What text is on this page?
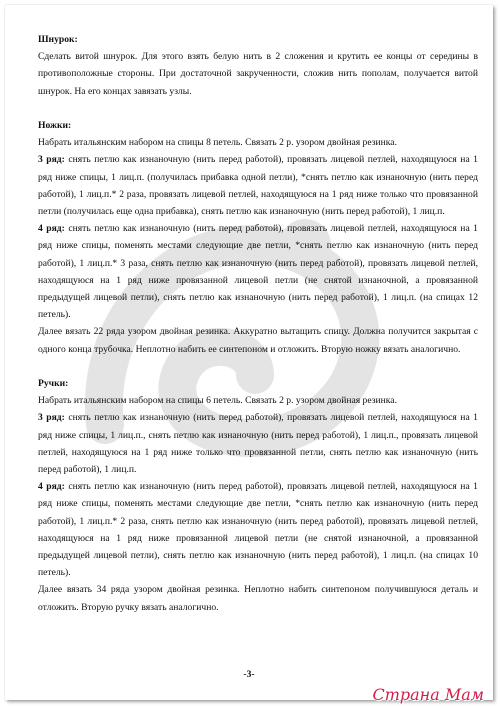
Шнурок:
Сделать витой шнурок. Для этого взять белую нить в 2 сложения и крутить ее концы от середины в противоположные стороны. При достаточной закрученности, сложив нить пополам, получается витой шнурок. На его концах завязать узлы.
Ножки:
Набрать итальянским набором на спицы 8 петель. Связать 2 р. узором двойная резинка.
3 ряд: снять петлю как изнаночную (нить перед работой), провязать лицевой петлей, находящуюся на 1 ряд ниже спицы, 1 лиц.п. (получилась прибавка одной петли), *снять петлю как изнаночную (нить перед работой), 1 лиц.п.* 2 раза, провязать лицевой петлей, находящуюся на 1 ряд ниже только что провязанной петли (получилась еще одна прибавка), снять петлю как изнаночную (нить перед работой), 1 лиц.п.
4 ряд: снять петлю как изнаночную (нить перед работой), провязать лицевой петлей, находящуюся на 1 ряд ниже спицы, поменять местами следующие две петли, *снять петлю как изнаночную (нить перед работой), 1 лиц.п.* 3 раза, снять петлю как изнаночную (нить перед работой), провязать лицевой петлей, находящуюся на 1 ряд ниже провязанной лицевой петли (не снятой изнаночной, а провязанной предыдущей лицевой петли), снять петлю как изнаночную (нить перед работой), 1 лиц.п. (на спицах 12 петель).
Далее вязать 22 ряда узором двойная резинка. Аккуратно вытащить спицу. Должна получится закрытая с одного конца трубочка. Неплотно набить ее синтепоном и отложить. Вторую ножку вязать аналогично.
Ручки:
Набрать итальянским набором на спицы 6 петель. Связать 2 р. узором двойная резинка.
3 ряд: снять петлю как изнаночную (нить перед работой), провязать лицевой петлей, находящуюся на 1 ряд ниже спицы, 1 лиц.п., снять петлю как изнаночную (нить перед работой), 1 лиц.п., провязать лицевой петлей, находящуюся на 1 ряд ниже только что провязанной петли, снять петлю как изнаночную (нить перед работой), 1 лиц.п.
4 ряд: снять петлю как изнаночную (нить перед работой), провязать лицевой петлей, находящуюся на 1 ряд ниже спицы, поменять местами следующие две петли, *снять петлю как изнаночную (нить перед работой), 1 лиц.п.* 2 раза, снять петлю как изнаночную (нить перед работой), провязать лицевой петлей, находящуюся на 1 ряд ниже провязанной лицевой петли (не снятой изнаночной, а провязанной предыдущей лицевой петли), снять петлю как изнаночную (нить перед работой), 1 лиц.п. (на спицах 10 петель).
Далее вязать 34 ряда узором двойная резинка. Неплотно набить синтепоном получившуюся деталь и отложить. Вторую ручку вязать аналогично.
-3-
Страна Мам
